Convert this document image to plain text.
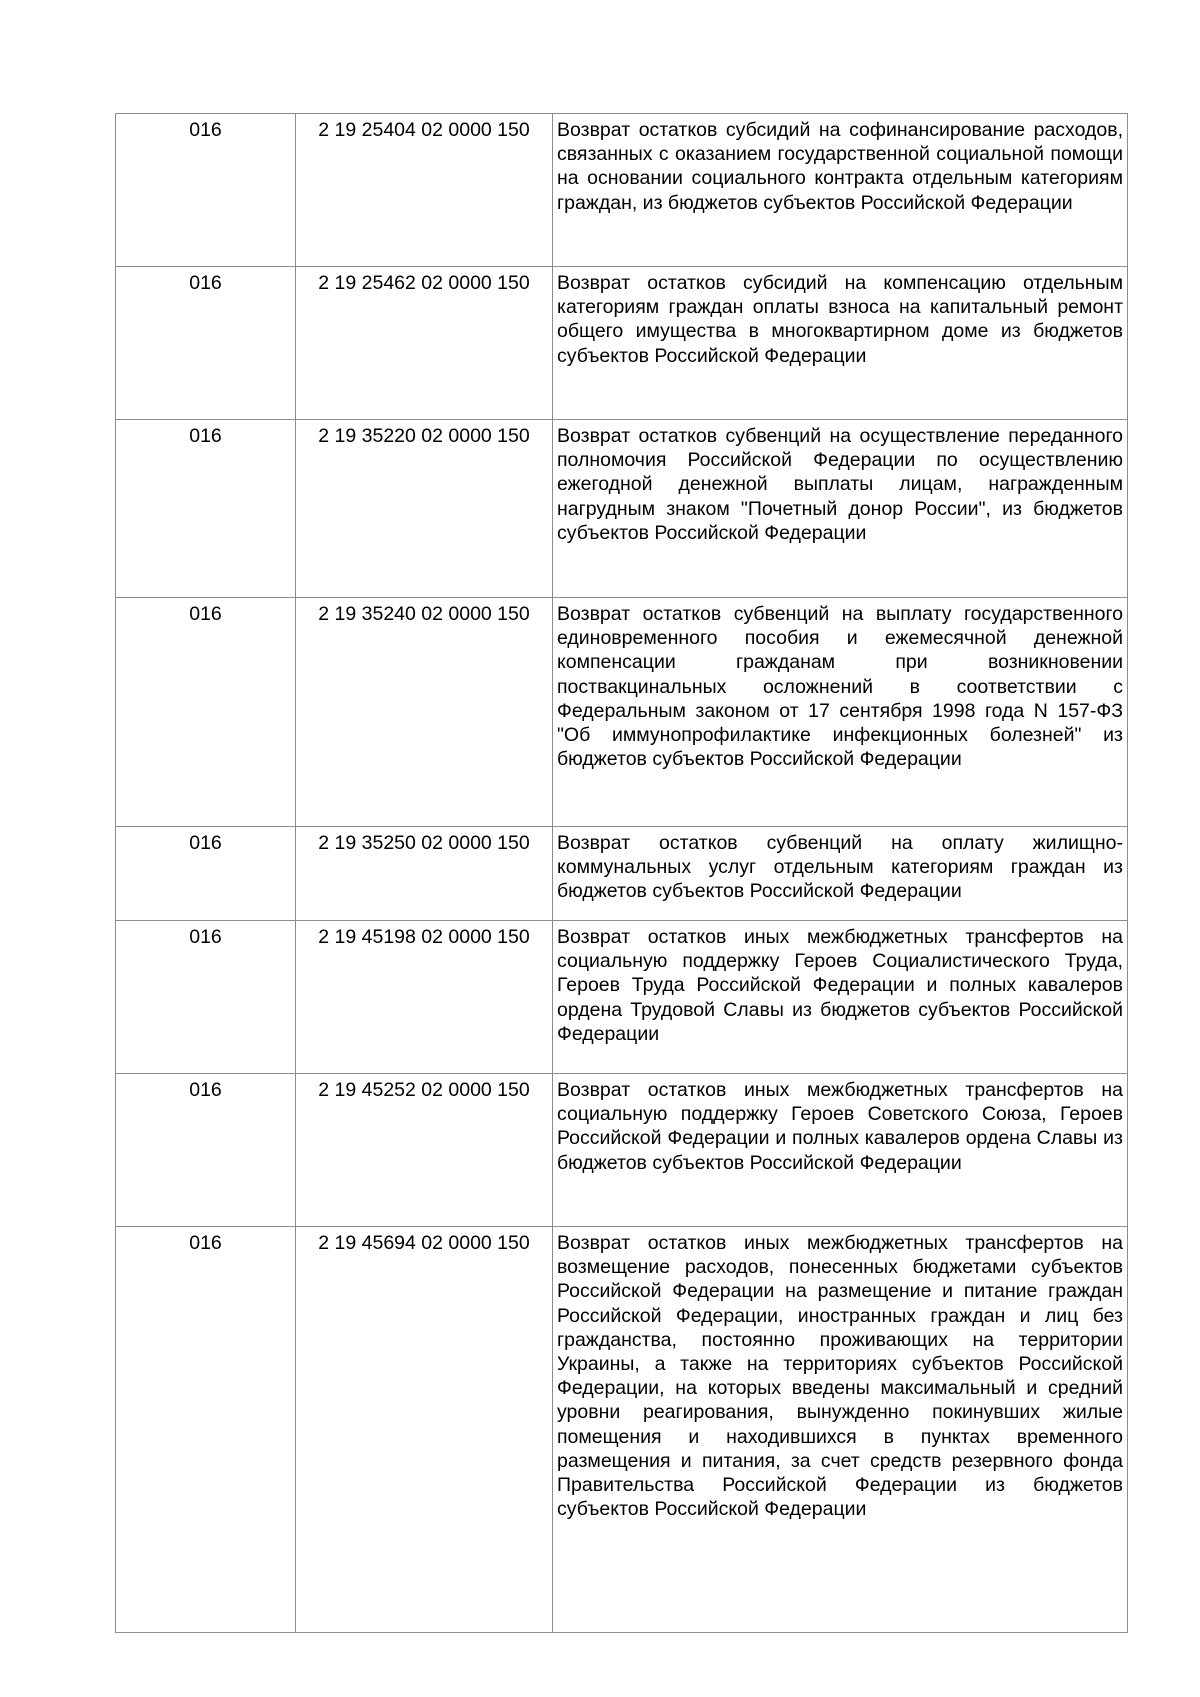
016	2 19 25404 02 0000 150	Возврат остатков субсидий на софинансирование расходов, связанных с оказанием государственной социальной помощи на основании социального контракта отдельным категориям граждан, из бюджетов субъектов Российской Федерации
016	2 19 25462 02 0000 150	Возврат остатков субсидий на компенсацию отдельным категориям граждан оплаты взноса на капитальный ремонт общего имущества в многоквартирном доме из бюджетов субъектов Российской Федерации
016	2 19 35220 02 0000 150	Возврат остатков субвенций на осуществление переданного полномочия Российской Федерации по осуществлению ежегодной денежной выплаты лицам, награжденным нагрудным знаком "Почетный донор России", из бюджетов субъектов Российской Федерации
016	2 19 35240 02 0000 150	Возврат остатков субвенций на выплату государственного единовременного пособия и ежемесячной денежной компенсации гражданам при возникновении поствакцинальных осложнений в соответствии с Федеральным законом от 17 сентября 1998 года N 157-ФЗ "Об иммунопрофилактике инфекционных болезней" из бюджетов субъектов Российской Федерации
016	2 19 35250 02 0000 150	Возврат остатков субвенций на оплату жилищно-коммунальных услуг отдельным категориям граждан из бюджетов субъектов Российской Федерации
016	2 19 45198 02 0000 150	Возврат остатков иных межбюджетных трансфертов на социальную поддержку Героев Социалистического Труда, Героев Труда Российской Федерации и полных кавалеров ордена Трудовой Славы из бюджетов субъектов Российской Федерации
016	2 19 45252 02 0000 150	Возврат остатков иных межбюджетных трансфертов на социальную поддержку Героев Советского Союза, Героев Российской Федерации и полных кавалеров ордена Славы из бюджетов субъектов Российской Федерации
016	2 19 45694 02 0000 150	Возврат остатков иных межбюджетных трансфертов на возмещение расходов, понесенных бюджетами субъектов Российской Федерации на размещение и питание граждан Российской Федерации, иностранных граждан и лиц без гражданства, постоянно проживающих на территории Украины, а также на территориях субъектов Российской Федерации, на которых введены максимальный и средний уровни реагирования, вынужденно покинувших жилые помещения и находившихся в пунктах временного размещения и питания, за счет средств резервного фонда Правительства Российской Федерации из бюджетов субъектов Российской Федерации
